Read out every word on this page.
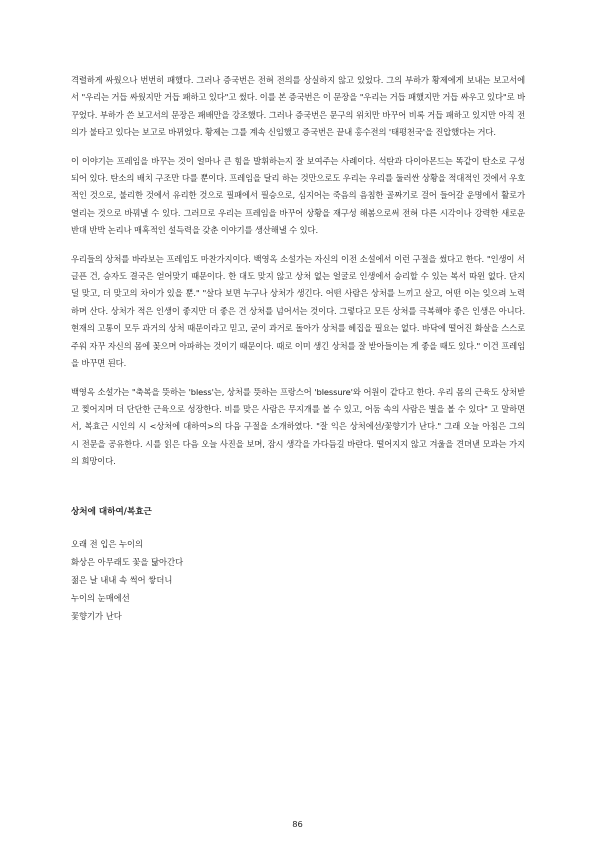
격렬하게 싸웠으나 번번히 패했다. 그러나 증국번은 전혀 전의를 상실하지 않고 있었다. 그의 부하가 황제에게 보내는 보고서에서 "우리는 거듭 싸웠지만 거듭 패하고 있다"고 썼다. 이를 본 증국번은 이 문장을 "우리는 거듭 패했지만 거듭 싸우고 있다"로 바꾸었다. 부하가 쓴 보고서의 문장은 패배만을 강조했다. 그러나 증국번은 문구의 위치만 바꾸어 비록 거듭 패하고 있지만 아직 전의가 불타고 있다는 보고로 바뀌었다. 황제는 그를 계속 신임했고 증국번은 끝내 홍수전의 '태평천국'을 진압했다는 거다.

이 이야기는 프레임을 바꾸는 것이 얼마나 큰 힘을 발휘하는지 잘 보여주는 사례이다. 석탄과 다이아몬드는 똑같이 탄소로 구성되어 있다. 탄소의 배치 구조만 다를 뿐이다. 프레임을 달리 하는 것만으로도 우리는 우리를 둘러싼 상황을 적대적인 것에서 우호적인 것으로, 불리한 것에서 유리한 것으로 필패에서 필승으로, 심지어는 죽음의 음침한 골짜기로 걸어 들어갈 운명에서 활로가 열리는 것으로 바꿔낼 수 있다. 그러므로 우리는 프레임을 바꾸어 상황을 재구성 해봄으로써 전혀 다른 시각이나 강력한 새로운 반대 반박 논리나 매혹적인 설득력을 갖춘 이야기를 생산해낼 수 있다.

우리들의 상처를 바라보는 프레임도 마찬가지이다. 백영옥 소설가는 자신의 이전 소설에서 이런 구절을 썼다고 한다. "인생이 서글픈 건, 승자도 결국은 얻어맞기 때문이다. 한 대도 맞지 않고 상처 없는 얼굴로 인생에서 승리할 수 있는 복서 따윈 없다. 단지 덜 맞고, 더 맞고의 차이가 있을 뿐." "살다 보면 누구나 상처가 생긴다. 어떤 사람은 상처를 느끼고 살고, 어떤 이는 잊으려 노력하며 산다. 상처가 적은 인생이 좋지만 더 좋은 건 상처를 넘어서는 것이다. 그렇다고 모든 상처를 극복해야 좋은 인생은 아니다. 현재의 고통이 모두 과거의 상처 때문이라고 믿고, 굳이 과거로 돌아가 상처를 헤집을 필요는 없다. 바닥에 떨어진 화살을 스스로 주워 자꾸 자신의 몸에 꽂으며 아파하는 것이기 때문이다. 때로 이미 생긴 상처를 잘 받아들이는 게 좋을 때도 있다." 이건 프레임을 바꾸면 된다.

백영옥 소설가는 "축복을 뜻하는 'bless'는, 상처를 뜻하는 프랑스어 'blessure'와 어원이 같다고 한다. 우리 몸의 근육도 상처받고 찢어지며 더 단단한 근육으로 성장한다. 비를 맞은 사람은 무지개를 볼 수 있고, 어둠 속의 사람은 별을 볼 수 있다" 고 말하면서, 복효근 시인의 시 <상처에 대하여>의 다음 구절을 소개하였다. "잘 익은 상처에선/꽃향기가 난다." 그래 오늘 아침은 그의 시 전문을 공유한다. 시를 읽은 다음 오늘 사진을 보며, 잠시 생각을 가다듬길 바란다. 떨어지지 않고 겨울을 견뎌낸 모과는 가지의 희망이다.

상처에 대하여/복효근

오래 전 입은 누이의

화상은 아무래도 꽃을 닮아간다

젊은 날 내내 속 썩어 쌓더니

누이의 눈매에선

꽃향기가 난다

86
